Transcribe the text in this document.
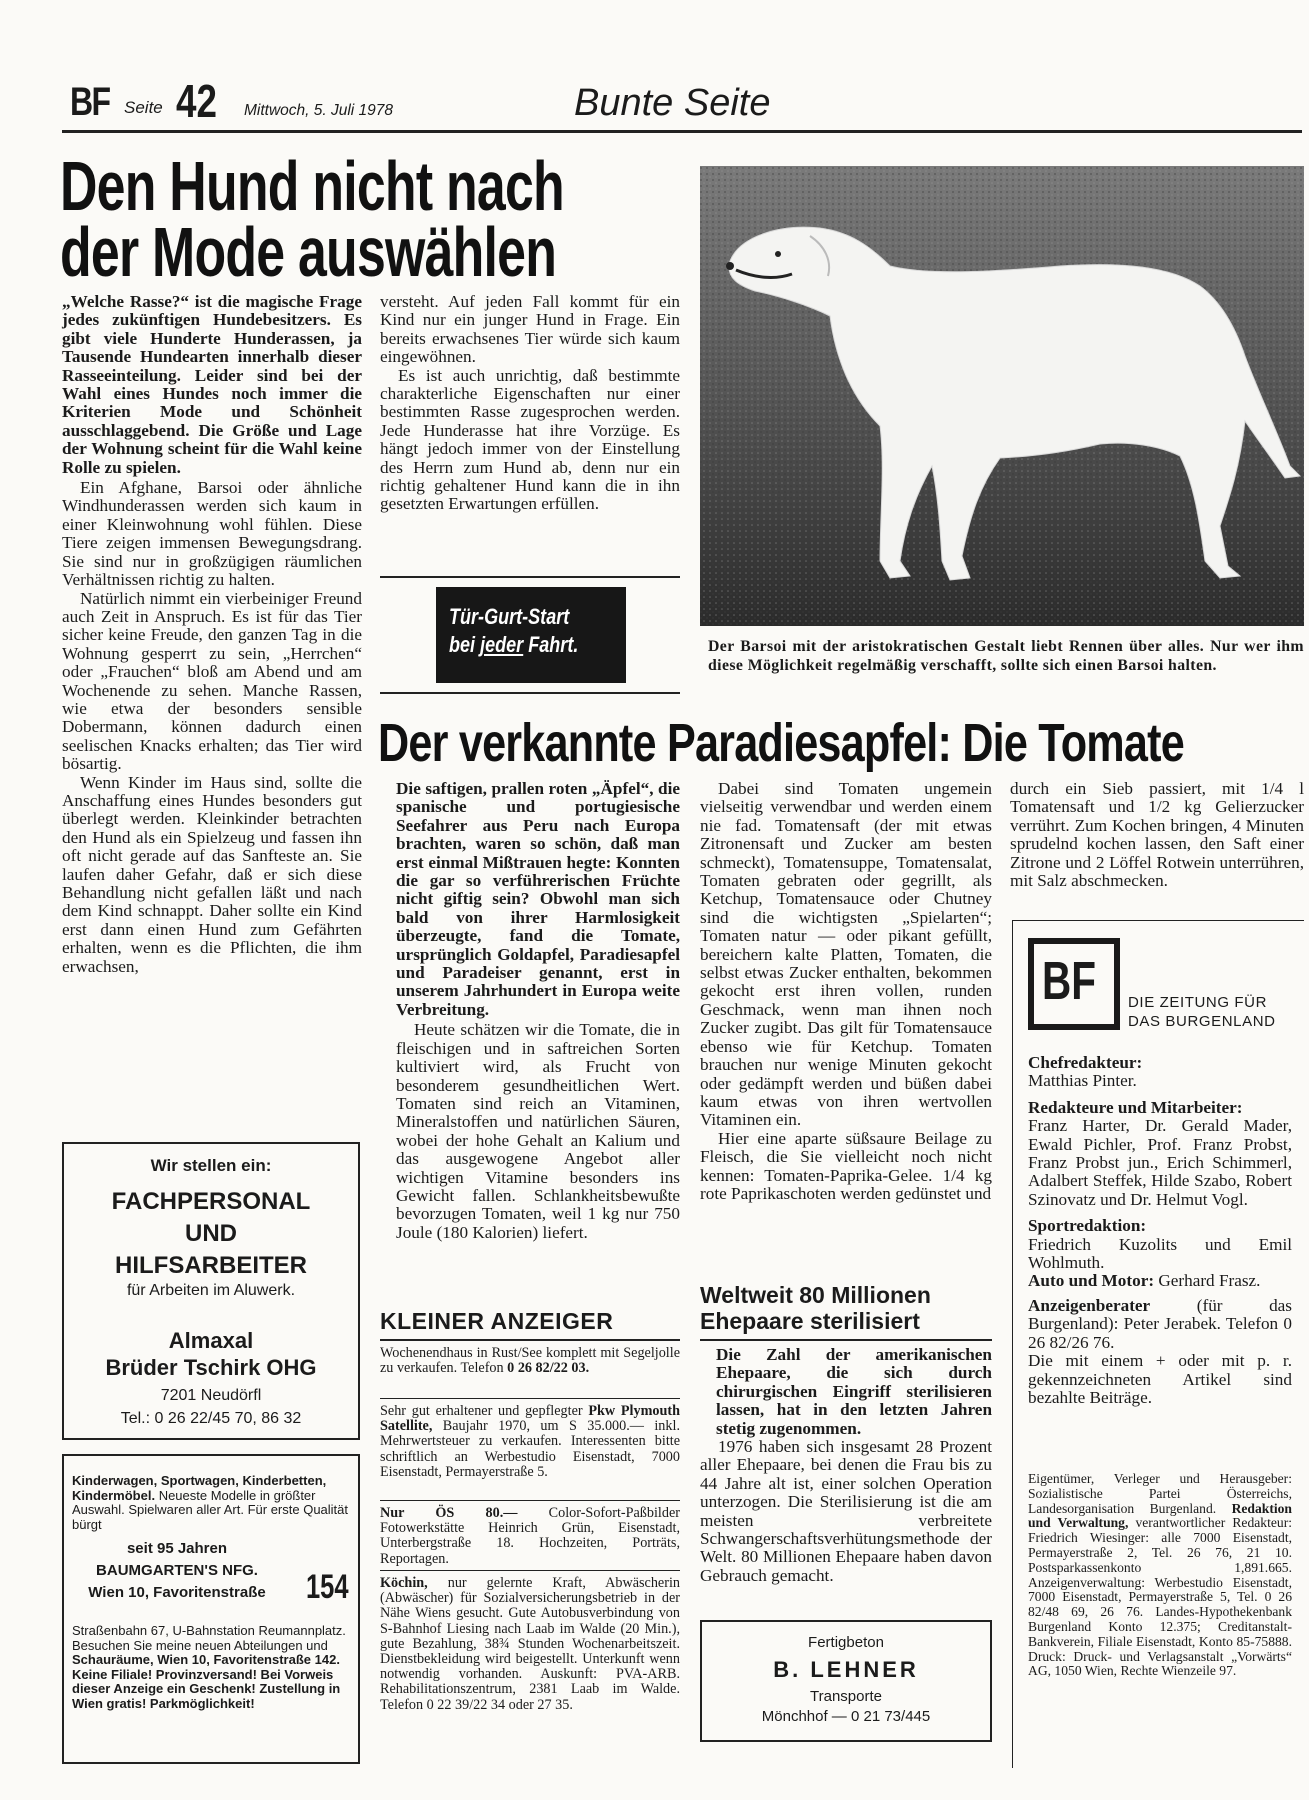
BF Seite 42 Mittwoch, 5. Juli 1978	Bunte Seite
Den Hund nicht nach
der Mode auswählen

„Welche Rasse?“ ist die magische Frage jedes zukünftigen Hundebesitzers. Es gibt viele Hunderte Hunderassen, ja Tausende Hundearten innerhalb dieser Rasseeinteilung. Leider sind bei der Wahl eines Hundes noch immer die Kriterien Mode und Schönheit ausschlaggebend. Die Größe und Lage der Wohnung scheint für die Wahl keine Rolle zu spielen.

Ein Afghane, Barsoi oder ähnliche Windhunderassen werden sich kaum in einer Kleinwohnung wohl fühlen. Diese Tiere zeigen immensen Bewegungsdrang. Sie sind nur in großzügigen räumlichen Verhältnissen richtig zu halten.

Natürlich nimmt ein vierbeiniger Freund auch Zeit in Anspruch. Es ist für das Tier sicher keine Freude, den ganzen Tag in die Wohnung gesperrt zu sein, „Herrchen“ oder „Frauchen“ bloß am Abend und am Wochenende zu sehen. Manche Rassen, wie etwa der besonders sensible Dobermann, können dadurch einen seelischen Knacks erhalten; das Tier wird bösartig.

Wenn Kinder im Haus sind, sollte die Anschaffung eines Hundes besonders gut überlegt werden. Kleinkinder betrachten den Hund als ein Spielzeug und fassen ihn oft nicht gerade auf das Sanfteste an. Sie laufen daher Gefahr, daß er sich diese Behandlung nicht gefallen läßt und nach dem Kind schnappt. Daher sollte ein Kind erst dann einen Hund zum Gefährten erhalten, wenn es die Pflichten, die ihm erwachsen,

versteht. Auf jeden Fall kommt für ein Kind nur ein junger Hund in Frage. Ein bereits erwachsenes Tier würde sich kaum eingewöhnen.

Es ist auch unrichtig, daß bestimmte charakterliche Eigenschaften nur einer bestimmten Rasse zugesprochen werden. Jede Hunderasse hat ihre Vorzüge. Es hängt jedoch immer von der Einstellung des Herrn zum Hund ab, denn nur ein richtig gehaltener Hund kann die in ihn gesetzten Erwartungen erfüllen.

Tür-Gurt-Start
bei jeder Fahrt.	Der Barsoi mit der aristokratischen Gestalt liebt Rennen über alles. Nur wer ihm diese Möglichkeit regelmäßig verschafft, sollte sich einen Barsoi halten.
Wir stellen ein:
FACHPERSONAL
UND
HILFSARBEITER
für Arbeiten im Aluwerk.
Almaxal
Brüder Tschirk OHG
7201 Neudörfl
Tel.: 0 26 22/45 70, 86 32
Kinderwagen, Sportwagen, Kinderbetten, Kindermöbel. Neueste Modelle in größter Auswahl. Spielwaren aller Art. Für erste Qualität bürgt
seit 95 Jahren
BAUMGARTEN'S NFG.
Wien 10, Favoritenstraße	154
Straßenbahn 67, U-Bahnstation Reumannplatz. Besuchen Sie meine neuen Abteilungen und Schauräume, Wien 10, Favoritenstraße 142. Keine Filiale! Provinzversand! Bei Vorweis dieser Anzeige ein Geschenk! Zustellung in Wien gratis! Parkmöglichkeit!
Der verkannte Paradiesapfel: Die Tomate

Die saftigen, prallen roten „Äpfel“, die spanische und portugiesische Seefahrer aus Peru nach Europa brachten, waren so schön, daß man erst einmal Mißtrauen hegte: Konnten die gar so verführerischen Früchte nicht giftig sein? Obwohl man sich bald von ihrer Harmlosigkeit überzeugte, fand die Tomate, ursprünglich Goldapfel, Paradiesapfel und Paradeiser genannt, erst in unserem Jahrhundert in Europa weite Verbreitung.

Heute schätzen wir die Tomate, die in fleischigen und in saftreichen Sorten kultiviert wird, als Frucht von besonderem gesundheitlichen Wert. Tomaten sind reich an Vitaminen, Mineralstoffen und natürlichen Säuren, wobei der hohe Gehalt an Kalium und das ausgewogene Angebot aller wichtigen Vitamine besonders ins Gewicht fallen. Schlankheitsbewußte bevorzugen Tomaten, weil 1 kg nur 750 Joule (180 Kalorien) liefert.

Dabei sind Tomaten ungemein vielseitig verwendbar und werden einem nie fad. Tomatensaft (der mit etwas Zitronensaft und Zucker am besten schmeckt), Tomatensuppe, Tomatensalat, Tomaten gebraten oder gegrillt, als Ketchup, Tomatensauce oder Chutney sind die wichtigsten „Spielarten“; Tomaten natur — oder pikant gefüllt, bereichern kalte Platten, Tomaten, die selbst etwas Zucker enthalten, bekommen gekocht erst ihren vollen, runden Geschmack, wenn man ihnen noch Zucker zugibt. Das gilt für Tomatensauce ebenso wie für Ketchup. Tomaten brauchen nur wenige Minuten gekocht oder gedämpft werden und büßen dabei kaum etwas von ihren wertvollen Vitaminen ein.

Hier eine aparte süßsaure Beilage zu Fleisch, die Sie vielleicht noch nicht kennen: Tomaten-Paprika-Gelee. 1/4 kg rote Paprikaschoten werden gedünstet und

durch ein Sieb passiert, mit 1/4 l Tomatensaft und 1/2 kg Gelierzucker verrührt. Zum Kochen bringen, 4 Minuten sprudelnd kochen lassen, den Saft einer Zitrone und 2 Löffel Rotwein unterrühren, mit Salz abschmecken.

KLEINER ANZEIGER
Wochenendhaus in Rust/See komplett mit Segeljolle zu verkaufen. Telefon 0 26 82/22 03.
Sehr gut erhaltener und gepflegter Pkw Plymouth Satellite, Baujahr 1970, um S 35.000.— inkl. Mehrwertsteuer zu verkaufen. Interessenten bitte schriftlich an Werbestudio Eisenstadt, 7000 Eisenstadt, Permayerstraße 5.
Nur ÖS 80.— Color-Sofort-Paßbilder Fotowerkstätte Heinrich Grün, Eisenstadt, Unterbergstraße 18. Hochzeiten, Porträts, Reportagen.
Köchin, nur gelernte Kraft, Abwäscherin (Abwäscher) für Sozialversicherungsbetrieb in der Nähe Wiens gesucht. Gute Autobusverbindung von S-Bahnhof Liesing nach Laab im Walde (20 Min.), gute Bezahlung, 38¾ Stunden Wochenarbeitszeit. Dienstbekleidung wird beigestellt. Unterkunft wenn notwendig vorhanden. Auskunft: PVA-ARB. Rehabilitationszentrum, 2381 Laab im Walde. Telefon 0 22 39/22 34 oder 27 35.
Weltweit 80 Millionen
Ehepaare sterilisiert

Die Zahl der amerikanischen Ehepaare, die sich durch chirurgischen Eingriff sterilisieren lassen, hat in den letzten Jahren stetig zugenommen.

1976 haben sich insgesamt 28 Prozent aller Ehepaare, bei denen die Frau bis zu 44 Jahre alt ist, einer solchen Operation unterzogen. Die Sterilisierung ist die am meisten verbreitete Schwangerschaftsverhütungsmethode der Welt. 80 Millionen Ehepaare haben davon Gebrauch gemacht.

Fertigbeton
B. LEHNER
Transporte
Mönchhof — 0 21 73/445
BF DIE ZEITUNG FÜR
DAS BURGENLAND

Chefredakteur:

Matthias Pinter.

Redakteure und Mitarbeiter:

Franz Harter, Dr. Gerald Mader, Ewald Pichler, Prof. Franz Probst, Franz Probst jun., Erich Schimmerl, Adalbert Steffek, Hilde Szabo, Robert Szinovatz und Dr. Helmut Vogl.

Sportredaktion:

Friedrich Kuzolits und Emil Wohlmuth.

Auto und Motor: Gerhard Frasz.

Anzeigenberater	(für das Burgenland): Peter Jerabek. Telefon 0 26 82/26 76.

Die mit einem + oder mit p. r. gekennzeichneten Artikel sind bezahlte Beiträge.

Eigentümer, Verleger und Herausgeber: Sozialistische Partei Österreichs, Landesorganisation Burgenland. Redaktion und Verwaltung, verantwortlicher Redakteur: Friedrich Wiesinger: alle 7000 Eisenstadt, Permayerstraße 2, Tel. 26 76, 21 10. Postsparkassenkonto 1,891.665. Anzeigenverwaltung: Werbestudio Eisenstadt, 7000 Eisenstadt, Permayerstraße 5, Tel. 0 26 82/48 69, 26 76. Landes-Hypothekenbank Burgenland Konto 12.375; Creditanstalt-Bankverein, Filiale Eisenstadt, Konto 85-75888. Druck: Druck- und Verlagsanstalt „Vorwärts“ AG, 1050 Wien, Rechte Wienzeile 97.
